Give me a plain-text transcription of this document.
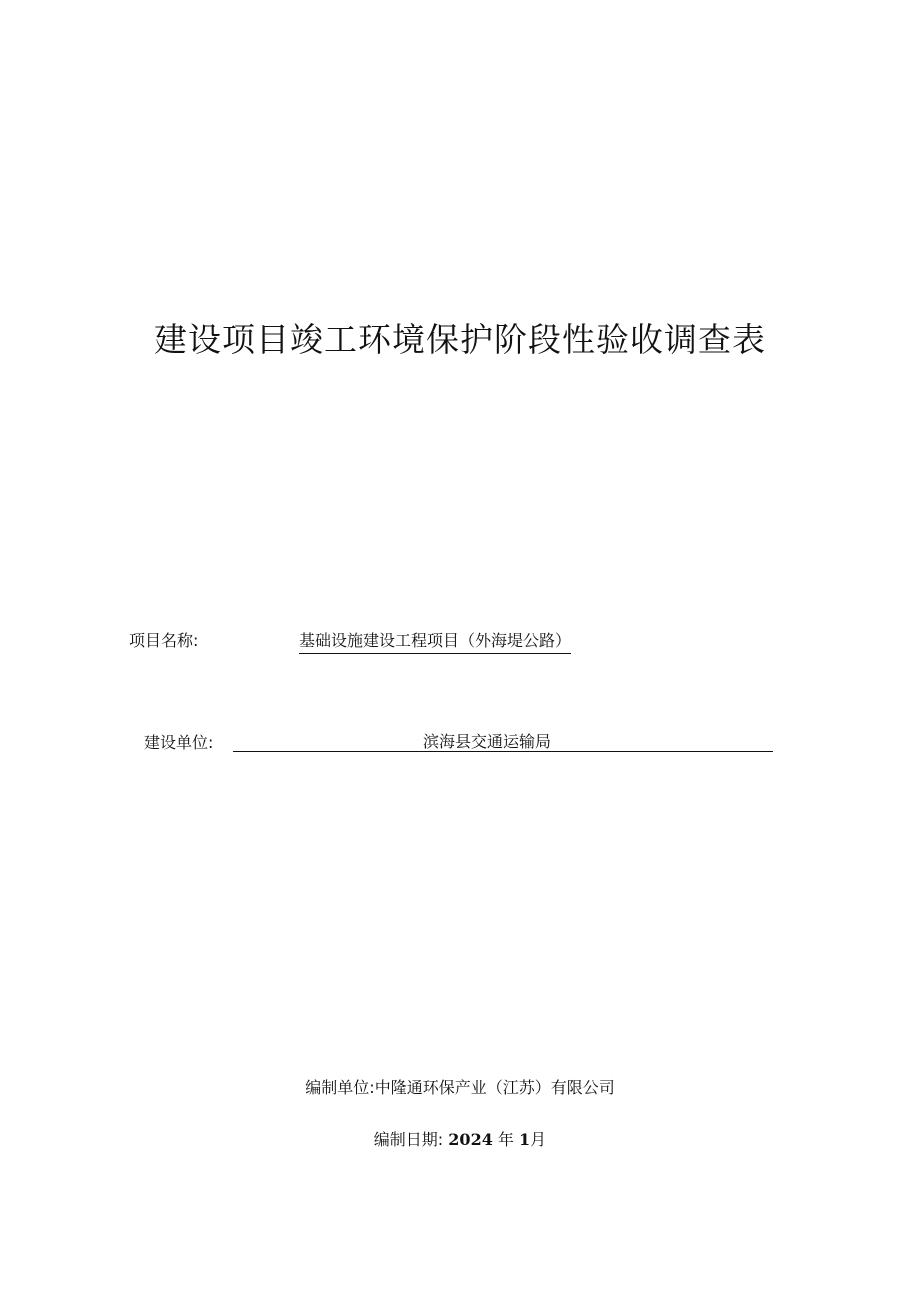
建设项目竣工环境保护阶段性验收调查表
项目名称:	基础设施建设工程项目（外海堤公路）
建设单位:	滨海县交通运输局
编制单位:中隆通环保产业（江苏）有限公司
编制日期: 2024 年 1月
